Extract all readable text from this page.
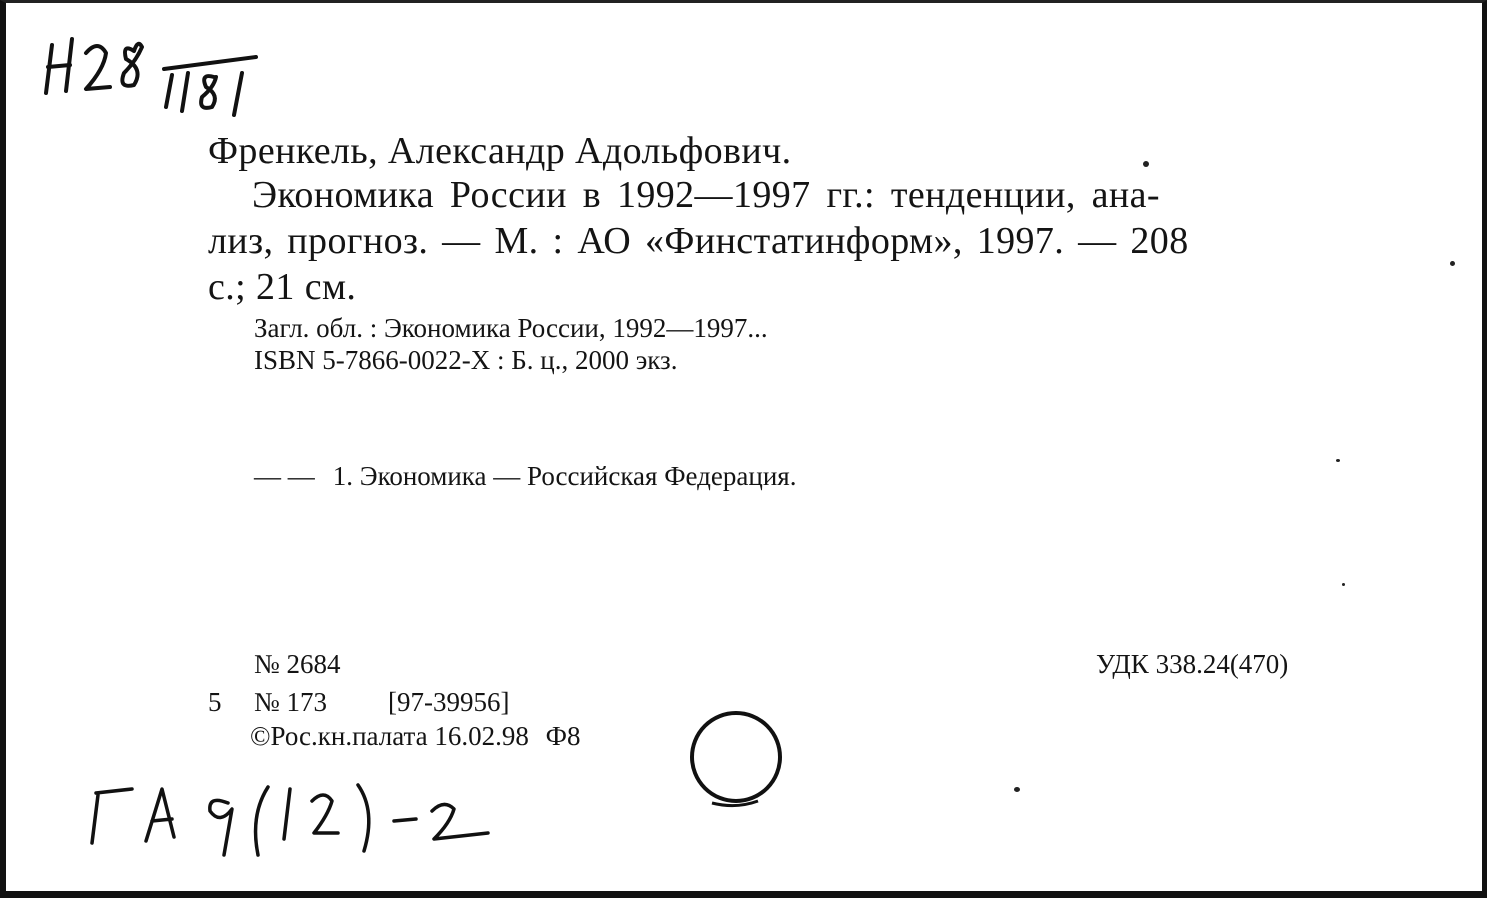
Френкель, Александр Адольфович.
Экономика России в 1992—1997 гг.: тенденции, ана-
лиз, прогноз. — М. : АО «Финстатинформ», 1997. — 208
с.; 21 см.
Загл. обл. : Экономика России, 1992—1997...
ISBN 5-7866-0022-X : Б. ц., 2000 экз.
— — 1. Экономика — Российская Федерация.
№ 2684	УДК 338.24(470)
5 № 173 [97-39956]
©Рос.кн.палата 16.02.98 Ф8
